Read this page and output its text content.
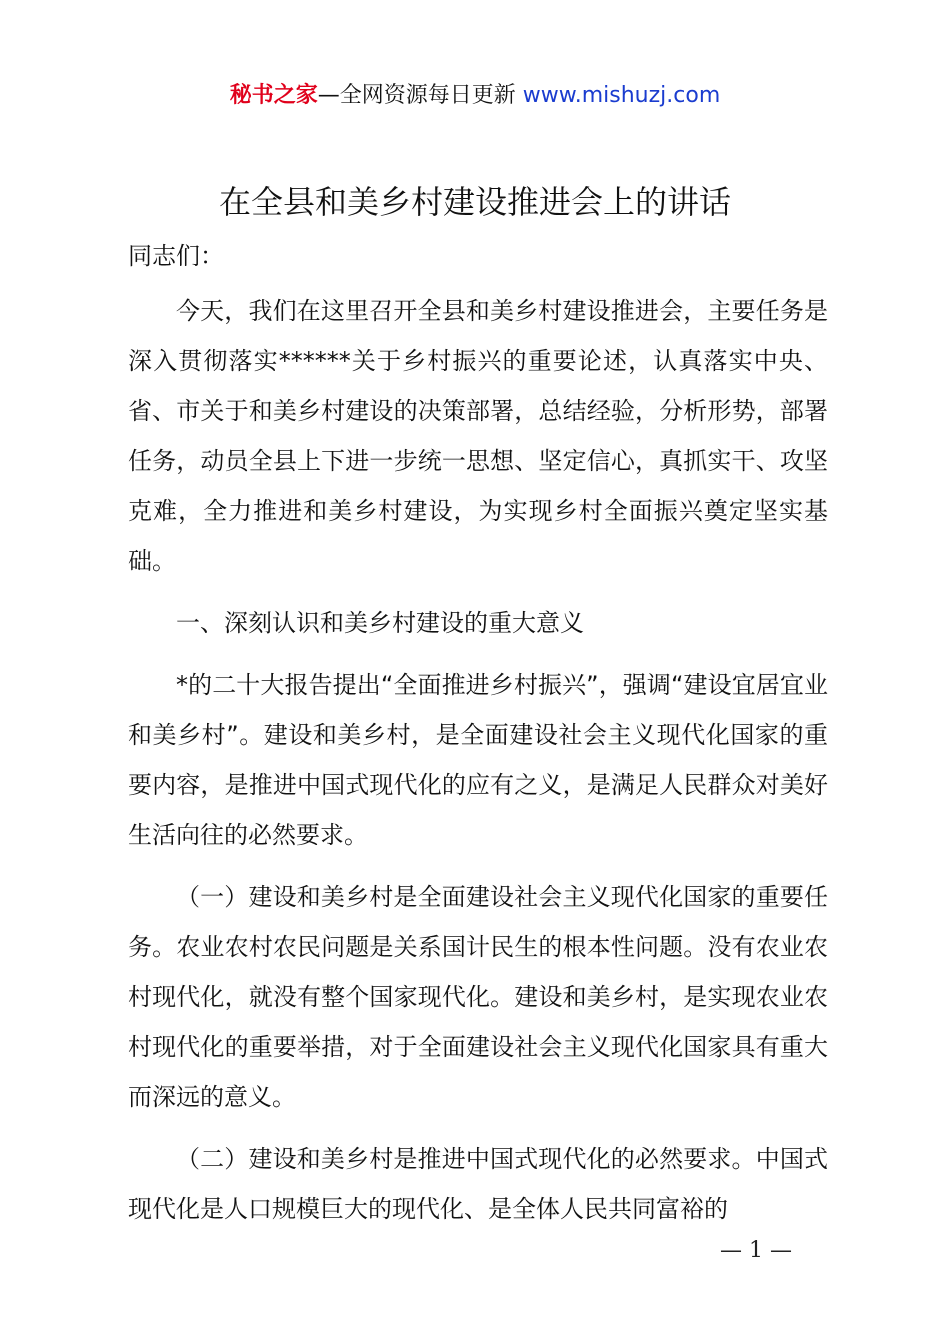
秘书之家—全网资源每日更新 www.mishuzj.com
在全县和美乡村建设推进会上的讲话

同志们：

今天，我们在这里召开全县和美乡村建设推进会，主要任务是深入贯彻落实******关于乡村振兴的重要论述，认真落实中央、省、市关于和美乡村建设的决策部署，总结经验，分析形势，部署任务，动员全县上下进一步统一思想、坚定信心，真抓实干、攻坚克难，全力推进和美乡村建设，为实现乡村全面振兴奠定坚实基础。

一、深刻认识和美乡村建设的重大意义

*的二十大报告提出“全面推进乡村振兴”，强调“建设宜居宜业和美乡村”。建设和美乡村，是全面建设社会主义现代化国家的重要内容，是推进中国式现代化的应有之义，是满足人民群众对美好生活向往的必然要求。

（一）建设和美乡村是全面建设社会主义现代化国家的重要任务。农业农村农民问题是关系国计民生的根本性问题。没有农业农村现代化，就没有整个国家现代化。建设和美乡村，是实现农业农村现代化的重要举措，对于全面建设社会主义现代化国家具有重大而深远的意义。

（二）建设和美乡村是推进中国式现代化的必然要求。中国式现代化是人口规模巨大的现代化、是全体人民共同富裕的

— 1 —
